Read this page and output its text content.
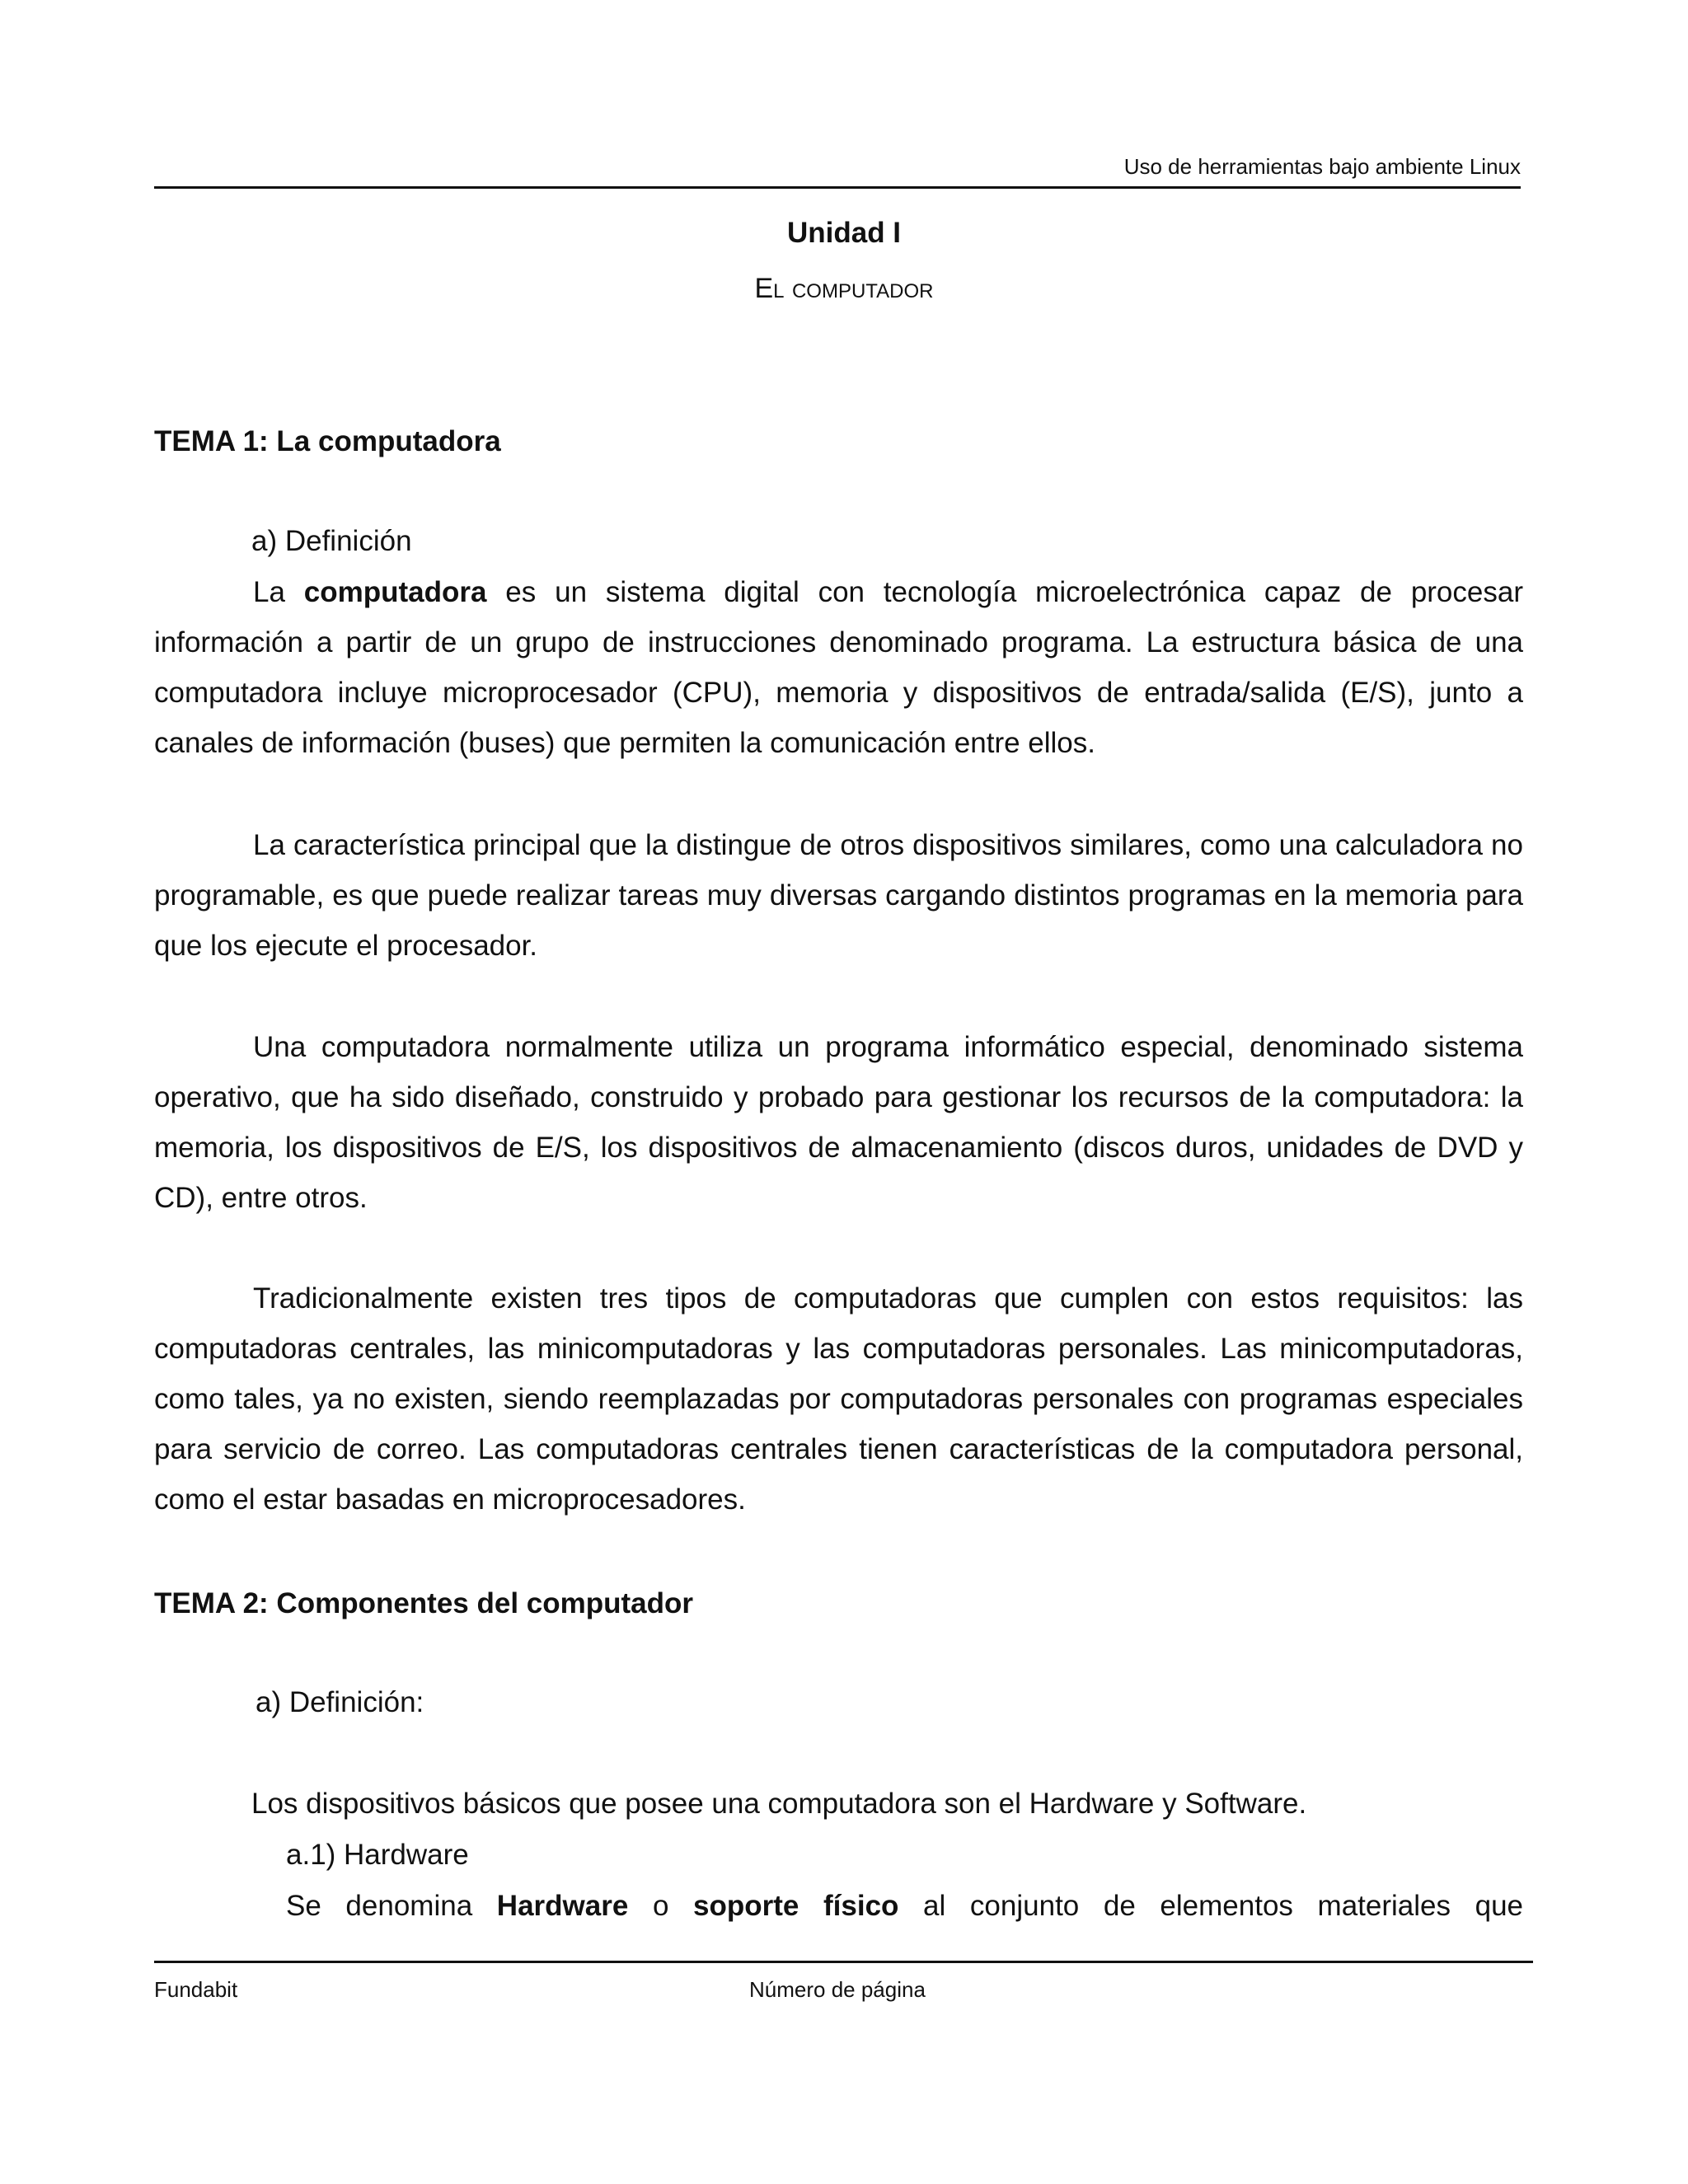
Uso de herramientas bajo ambiente Linux
Unidad I
El computador
TEMA 1: La computadora
a) Definición
La computadora es un sistema digital con tecnología microelectrónica capaz de procesar información a partir de un grupo de instrucciones denominado programa. La estructura básica de una computadora incluye microprocesador (CPU), memoria y dispositivos de entrada/salida (E/S), junto a canales de información (buses) que permiten la comunicación entre ellos.
La característica principal que la distingue de otros dispositivos similares, como una calculadora no programable, es que puede realizar tareas muy diversas cargando distintos programas en la memoria para que los ejecute el procesador.
Una computadora normalmente utiliza un programa informático especial, denominado sistema operativo, que ha sido diseñado, construido y probado para gestionar los recursos de la computadora: la memoria, los dispositivos de E/S, los dispositivos de almacenamiento (discos duros, unidades de DVD y CD), entre otros.
Tradicionalmente existen tres tipos de computadoras que cumplen con estos requisitos: las computadoras centrales, las minicomputadoras y las computadoras personales. Las minicomputadoras, como tales, ya no existen, siendo reemplazadas por computadoras personales con programas especiales para servicio de correo. Las computadoras centrales tienen características de la computadora personal, como el estar basadas en microprocesadores.
TEMA 2: Componentes del computador
a) Definición:
Los dispositivos básicos que posee una computadora son el Hardware y Software.
a.1) Hardware
Se denomina Hardware o soporte físico al conjunto de elementos materiales que
Fundabit	Número de página
